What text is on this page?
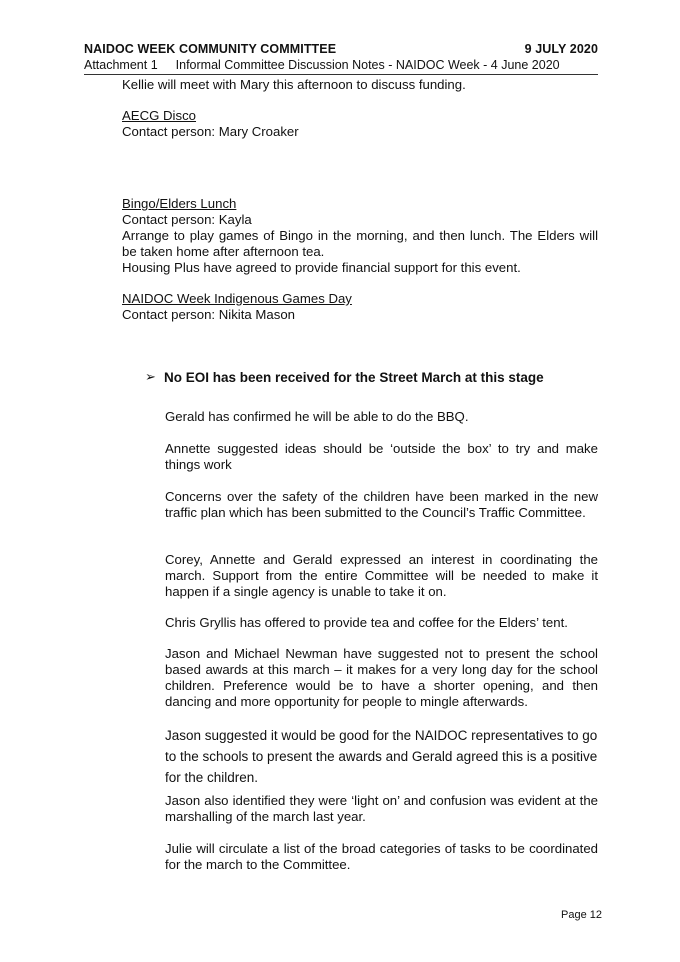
NAIDOC WEEK COMMUNITY COMMITTEE	9 JULY 2020
Attachment 1 Informal Committee Discussion Notes - NAIDOC Week - 4 June 2020
Kellie will meet with Mary this afternoon to discuss funding.
AECG Disco
Contact person: Mary Croaker
Bingo/Elders Lunch
Contact person: Kayla
Arrange to play games of Bingo in the morning, and then lunch. The Elders will be taken home after afternoon tea.
Housing Plus have agreed to provide financial support for this event.
NAIDOC Week Indigenous Games Day
Contact person: Nikita Mason
➢ No EOI has been received for the Street March at this stage
Gerald has confirmed he will be able to do the BBQ.
Annette suggested ideas should be ‘outside the box’ to try and make things work
Concerns over the safety of the children have been marked in the new traffic plan which has been submitted to the Council’s Traffic Committee.
Corey, Annette and Gerald expressed an interest in coordinating the march. Support from the entire Committee will be needed to make it happen if a single agency is unable to take it on.
Chris Gryllis has offered to provide tea and coffee for the Elders’ tent.
Jason and Michael Newman have suggested not to present the school based awards at this march – it makes for a very long day for the school children. Preference would be to have a shorter opening, and then dancing and more opportunity for people to mingle afterwards.
Jason suggested it would be good for the NAIDOC representatives to go to the schools to present the awards and Gerald agreed this is a positive for the children.
Jason also identified they were ‘light on’ and confusion was evident at the marshalling of the march last year.
Julie will circulate a list of the broad categories of tasks to be coordinated for the march to the Committee.
Page 12
